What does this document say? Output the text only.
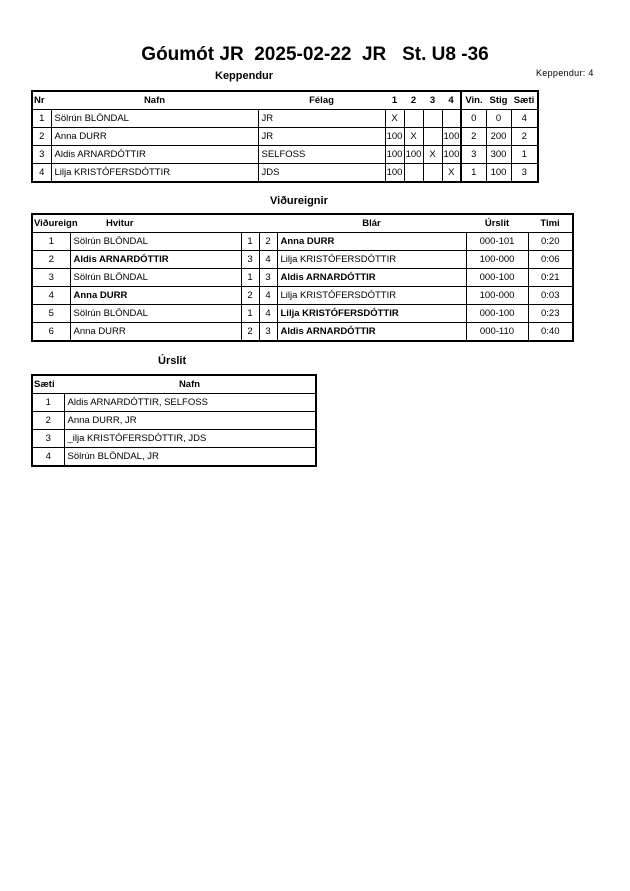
Góumót JR  2025-02-22  JR   St. U8 -36
Keppendur	Keppendur: 4
Nr	Nafn	Félag	1	2	3	4	Vin.	Stig	Sæti
1	Sölrún BLÖNDAL	JR	X				0	0	4
2	Anna DURR	JR	100	X		100	2	200	2
3	Aldis ARNARDÓTTIR	SELFOSS	100	100	X	100	3	300	1
4	Lilja KRISTÓFERSDÓTTIR	JDS	100			X	1	100	3
Viðureignir
Viðureign	Hvitur			Blár	Úrslit	Timi
1	Sölrún BLÖNDAL	1	2	Anna DURR	000-101	0:20
2	Aldis ARNARDÓTTIR	3	4	Lilja KRISTÓFERSDÓTTIR	100-000	0:06
3	Sölrún BLÖNDAL	1	3	Aldis ARNARDÓTTIR	000-100	0:21
4	Anna DURR	2	4	Lilja KRISTÓFERSDÓTTIR	100-000	0:03
5	Sölrún BLÖNDAL	1	4	Lilja KRISTÓFERSDÓTTIR	000-100	0:23
6	Anna DURR	2	3	Aldis ARNARDÓTTIR	000-110	0:40
Úrslit
Sæti	Nafn
1	Aldis ARNARDÓTTIR, SELFOSS
2	Anna DURR, JR
3	_ilja KRISTÓFERSDÓTTIR, JDS
4	Sölrún BLÖNDAL, JR
